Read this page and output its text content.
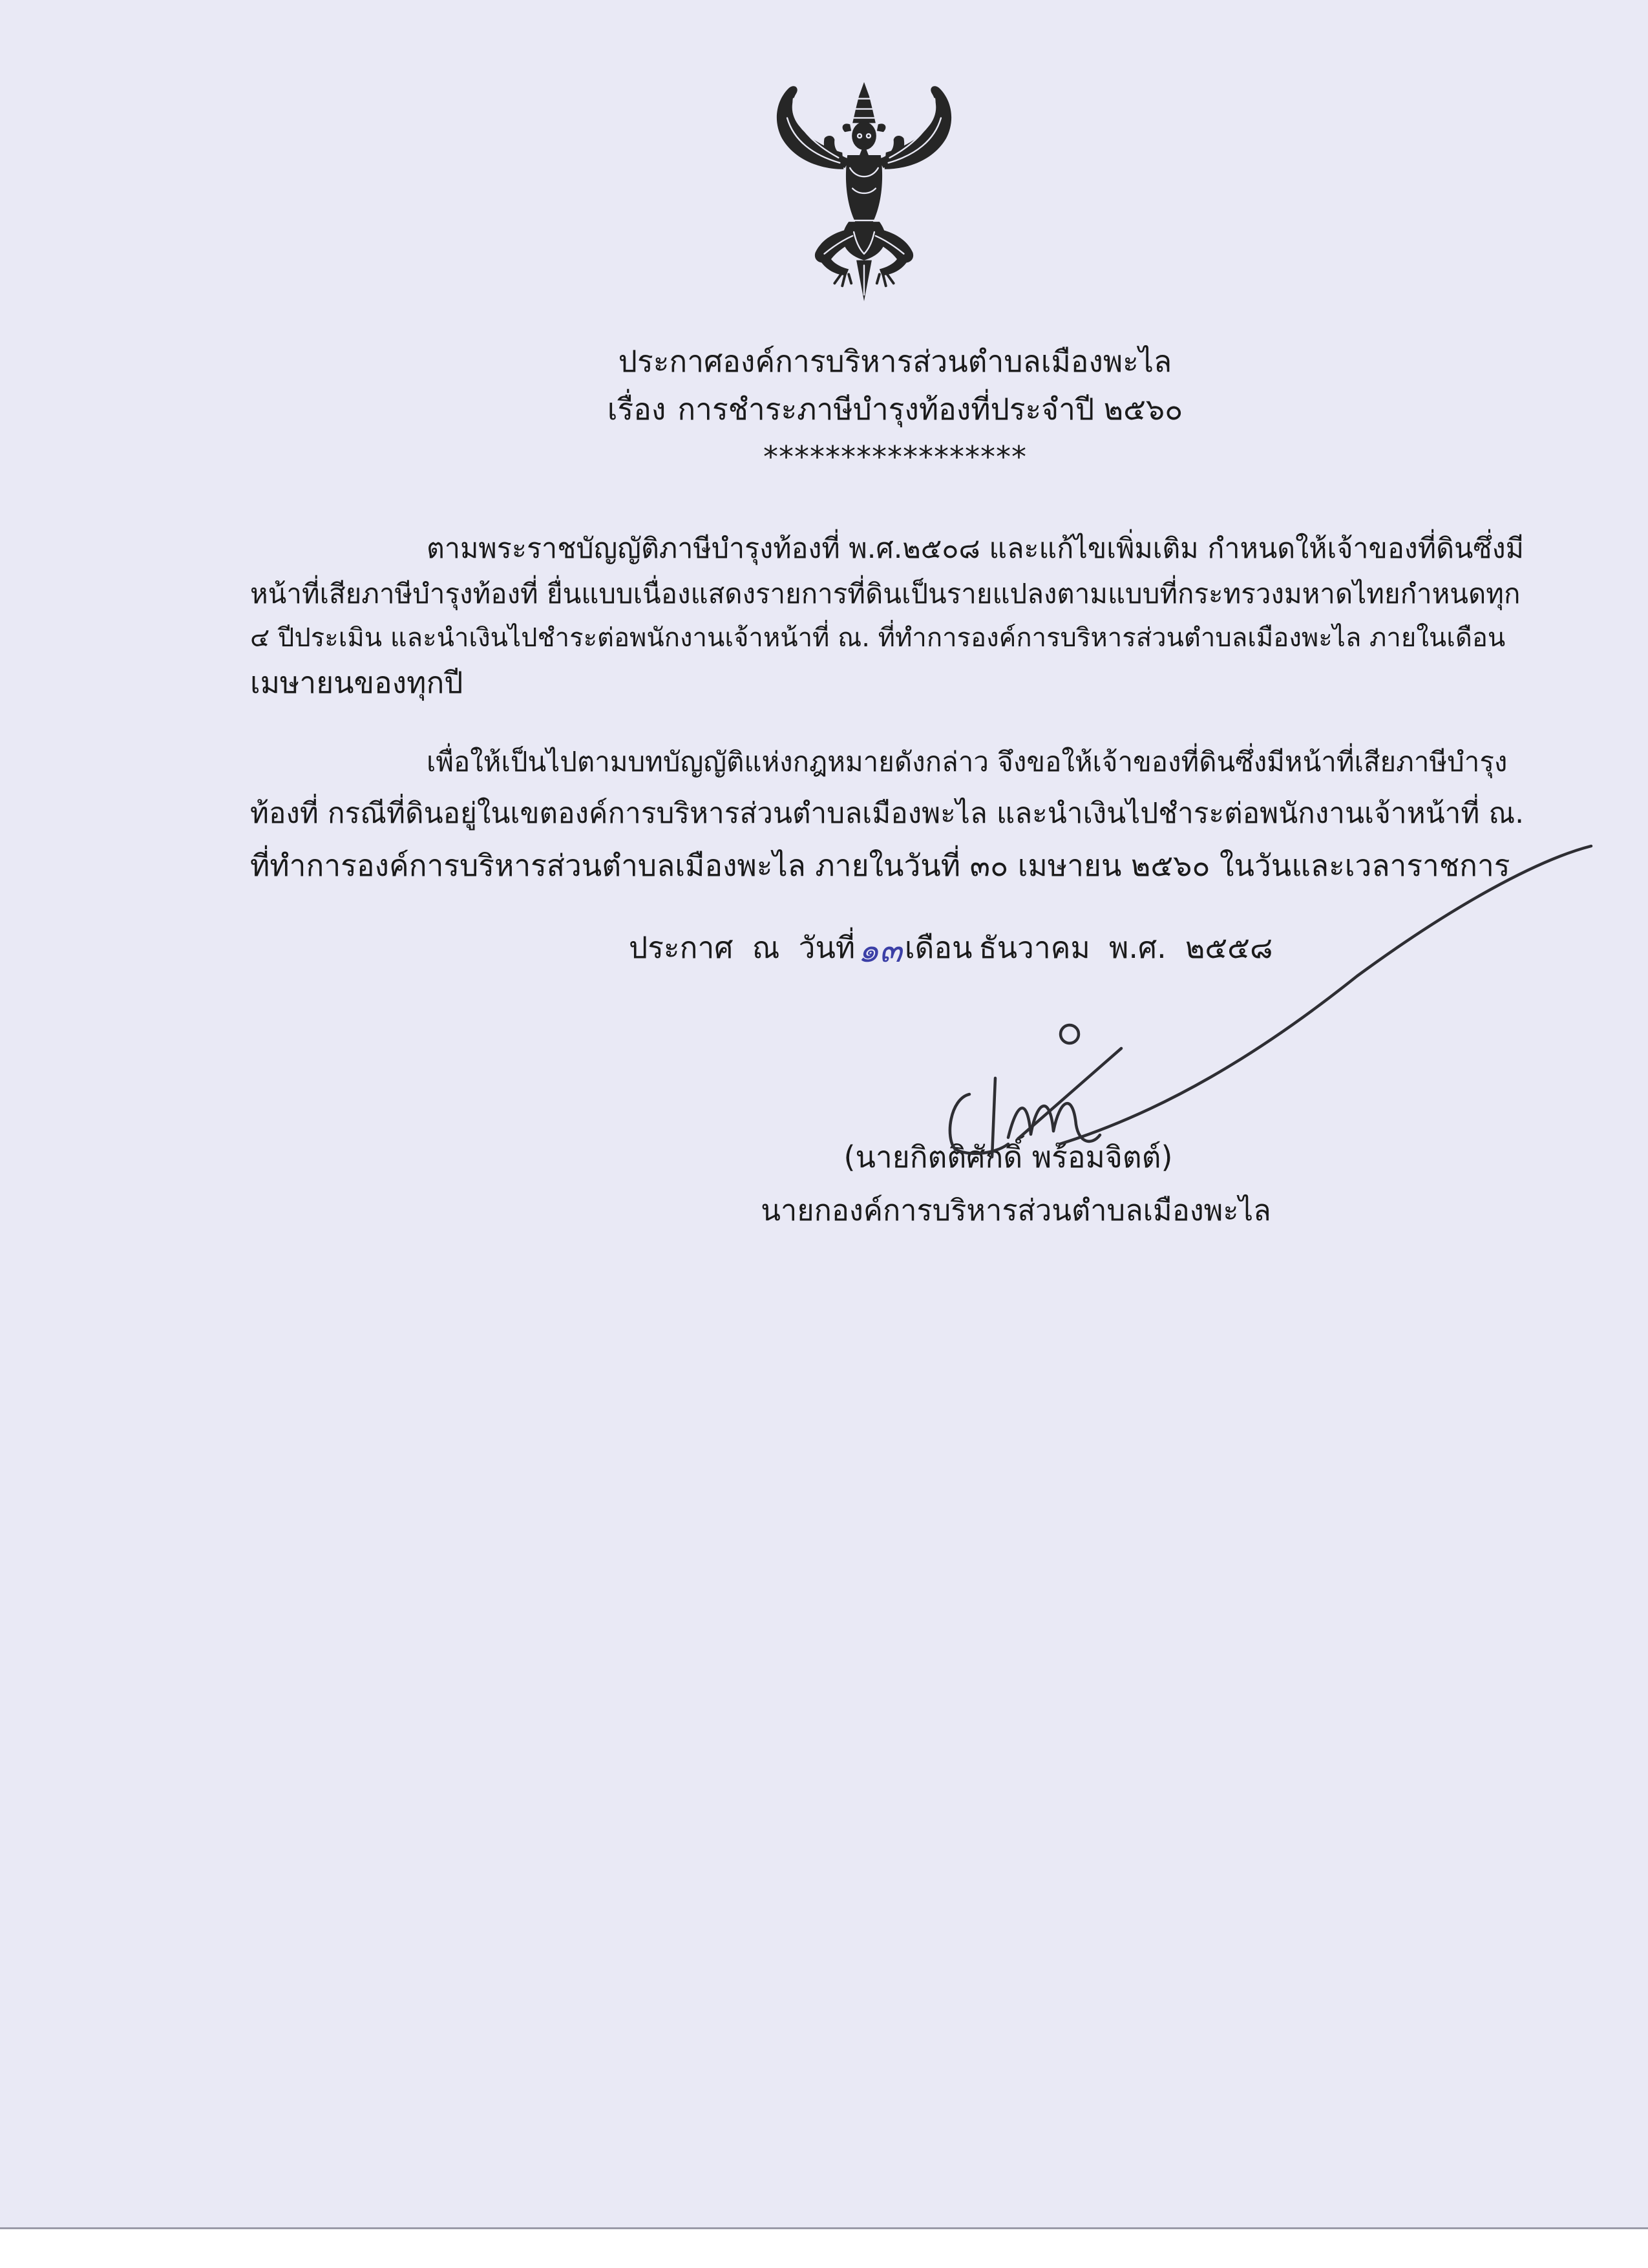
ประกาศองค์การบริหารส่วนตำบลเมืองพะไล
เรื่อง การชำระภาษีบำรุงท้องที่ประจำปี ๒๕๖๐
*****************
ตามพระราชบัญญัติภาษีบำรุงท้องที่ พ.ศ.๒๕๐๘ และแก้ไขเพิ่มเติม กำหนดให้เจ้าของที่ดินซึ่งมี
หน้าที่เสียภาษีบำรุงท้องที่ ยื่นแบบเนื่องแสดงรายการที่ดินเป็นรายแปลงตามแบบที่กระทรวงมหาดไทยกำหนดทุก
๔ ปีประเมิน และนำเงินไปชำระต่อพนักงานเจ้าหน้าที่ ณ. ที่ทำการองค์การบริหารส่วนตำบลเมืองพะไล ภายในเดือน
เมษายนของทุกปี
เพื่อให้เป็นไปตามบทบัญญัติแห่งกฎหมายดังกล่าว จึงขอให้เจ้าของที่ดินซึ่งมีหน้าที่เสียภาษีบำรุง
ท้องที่ กรณีที่ดินอยู่ในเขตองค์การบริหารส่วนตำบลเมืองพะไล และนำเงินไปชำระต่อพนักงานเจ้าหน้าที่ ณ.
ที่ทำการองค์การบริหารส่วนตำบลเมืองพะไล ภายในวันที่ ๓๐ เมษายน ๒๕๖๐ ในวันและเวลาราชการ
ประกาศ  ณ  วันที่๑๓เดือน ธันวาคม พ.ศ. ๒๕๕๘
(นายกิตติศักดิ์ พร้อมจิตต์)
นายกองค์การบริหารส่วนตำบลเมืองพะไล
